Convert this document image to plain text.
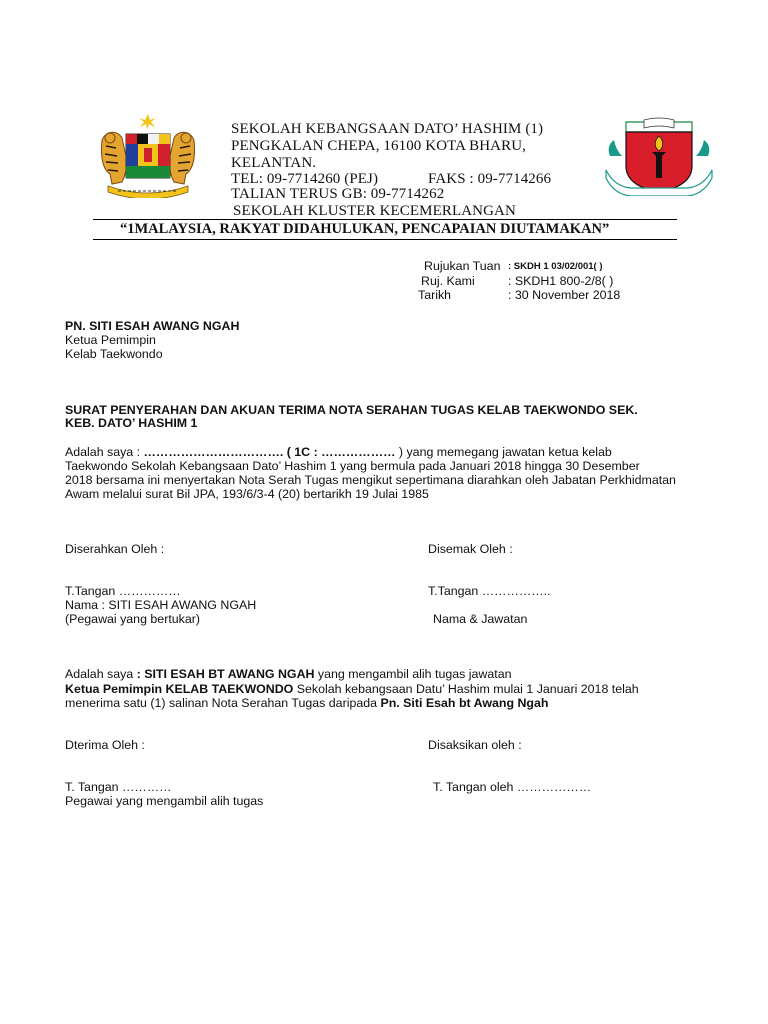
SEKOLAH KEBANGSAAN DATO’ HASHIM (1)
PENGKALAN CHEPA, 16100 KOTA BHARU,
KELANTAN.
TEL: 09-7714260 (PEJ)	FAKS : 09-7714266
TALIAN TERUS GB: 09-7714262
SEKOLAH KLUSTER KECEMERLANGAN
“1MALAYSIA, RAKYAT DIDAHULUKAN, PENCAPAIAN DIUTAMAKAN”
Rujukan Tuan : SKDH 1 03/02/001( )
Ruj. Kami	: SKDH1 800-2/8( )
Tarikh	: 30 November 2018
PN. SITI ESAH AWANG NGAH
Ketua Pemimpin
Kelab Taekwondo
SURAT PENYERAHAN DAN AKUAN TERIMA NOTA SERAHAN TUGAS KELAB TAEKWONDO SEK.
KEB. DATO’ HASHIM 1
Adalah saya : ……………………………. ( 1C : ……………… ) yang memegang jawatan ketua kelab
Taekwondo Sekolah Kebangsaan Dato’ Hashim 1 yang bermula pada Januari 2018 hingga 30 Desember
2018 bersama ini menyertakan Nota Serah Tugas mengikut sepertimana diarahkan oleh Jabatan Perkhidmatan
Awam melalui surat Bil JPA, 193/6/3-4 (20) bertarikh 19 Julai 1985
Diserahkan Oleh :	Disemak Oleh :
T.Tangan ……………	T.Tangan ……………..
Nama : SITI ESAH AWANG NGAH
(Pegawai yang bertukar)	Nama & Jawatan
Adalah saya : SITI ESAH BT AWANG NGAH yang mengambil alih tugas jawatan
Ketua Pemimpin KELAB TAEKWONDO Sekolah kebangsaan Datu’ Hashim mulai 1 Januari 2018 telah
menerima satu (1) salinan Nota Serahan Tugas daripada Pn. Siti Esah bt Awang Ngah
Dterima Oleh :	Disaksikan oleh :
T. Tangan …………	T. Tangan oleh ………………
Pegawai yang mengambil alih tugas
